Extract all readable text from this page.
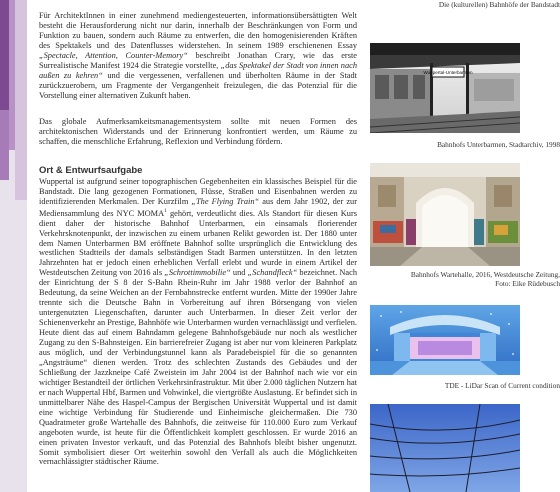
Für ArchitektInnen in einer zunehmend mediengesteuerten, informationsübersättigten Welt besteht die Herausforderung nicht nur darin, innerhalb der Beschränkungen von Form und Funktion zu bauen, sondern auch Räume zu entwerfen, die den homogenisierenden Kräften des Spektakels und des Datenflusses widerstehen. In seinem 1989 erschienenen Essay „Spectacle, Attention, Counter-Memory“ beschreibt Jonathan Crary, wie das erste Surrealistische Manifest 1924 die Strategie vorstellte, „das Spektakel der Stadt von innen nach außen zu kehren“ und die vergessenen, verfallenen und überholten Räume in der Stadt zurückzuerobern, um Fragmente der Vergangenheit freizulegen, die das Potenzial für die Vorstellung einer alternativen Zukunft haben.

Das globale Aufmerksamkeitsmanagementsystem sollte mit neuen Formen des architektonischen Widerstands und der Erinnerung konfrontiert werden, um Räume zu schaffen, die menschliche Erfahrung, Reflexion und Verbindung fördern.

Ort & Entwurfsaufgabe

Wuppertal ist aufgrund seiner topographischen Gegebenheiten ein klassisches Beispiel für die Bandstadt. Die lang gezogenen Formationen, Flüsse, Straßen und Eisenbahnen werden zu identifizierenden Merkmalen. Der Kurzfilm „The Flying Train“ aus dem Jahr 1902, der zur Mediensammlung des NYC MOMA$^1$ gehört, verdeutlicht dies. Als Standort für diesen Kurs dient daher der historische Bahnhof Unterbarmen, ein einsamals florierender Verkehrsknotenpunkt, der inzwischen zu einem urbanen Relikt geworden ist. Der 1880 unter dem Namen Unterbarmen BM eröffnete Bahnhof sollte ursprünglich die Entwicklung des westlichen Stadtteils der damals selbständigen Stadt Barmen unterstützen. In den letzten Jahrzehnten hat er jedoch einen erheblichen Verfall erlebt und wurde in einem Artikel der Westdeutschen Zeitung von 2016 als „Schrottimmobilie“ und „Schandfleck“ bezeichnet. Nach der Einrichtung der S 8 der S-Bahn Rhein-Ruhr im Jahr 1988 verlor der Bahnhof an Bedeutung, da seine Weichen an der Fernbahnstrecke entfernt wurden. Mitte der 1990er Jahre trennte sich die Deutsche Bahn in Vorbereitung auf ihren Börsengang von vielen untergenutzten Liegenschaften, darunter auch Unterbarmen. In dieser Zeit verlor der Schienenverkehr an Prestige, Bahnhöfe wie Unterbarmen wurden vernachlässigt und verfielen. Heute dient das auf einem Bahndamm gelegene Bahnhofsgebäude nur noch als westlicher Zugang zu den S-Bahnsteigen. Ein barrierefreier Zugang ist aber nur vom kleineren Parkplatz aus möglich, und der Verbindungstunnel kann als Paradebeispiel für die so genannten „Angsträume“ dienen werden. Trotz des schlechten Zustands des Gebäudes und der Schließung der Jazzkneipe Café Zweistein im Jahr 2004 ist der Bahnhof nach wie vor ein wichtiger Bestandteil der örtlichen Verkehrsinfrastruktur. Mit über 2.000 täglichen Nutzern hat er nach Wuppertal Hbf, Barmen und Vohwinkel, die viertgrößte Auslastung. Er befindet sich in unmittelbarer Nähe des Haspel-Campus der Bergischen Universität Wuppertal und ist damit eine wichtige Verbindung für Studierende und Einheimische gleichermaßen. Die 730 Quadratmeter große Wartehalle des Bahnhofs, die zeitweise für 110.000 Euro zum Verkauf angeboten wurde, ist heute für die Öffentlichkeit komplett geschlossen. Er wurde 2016 an einen privaten Investor verkauft, und das Potenzial des Bahnhofs bleibt bisher ungenutzt. Somit symbolisiert dieser Ort weiterhin sowohl den Verfall als auch die Möglichkeiten vernachlässigter städtischer Räume.

Die (kulturellen) Bahnhöfe der Bandstadt
Wuppertal-Unterbarmen
Bahnhofs Unterbarmen, Stadtarchiv, 1998
Bahnhofs Wartehalle, 2016, Westdeutsche Zeitung,
Foto: Eike Rüdebusch
TDE - LiDar Scan of Current condition
